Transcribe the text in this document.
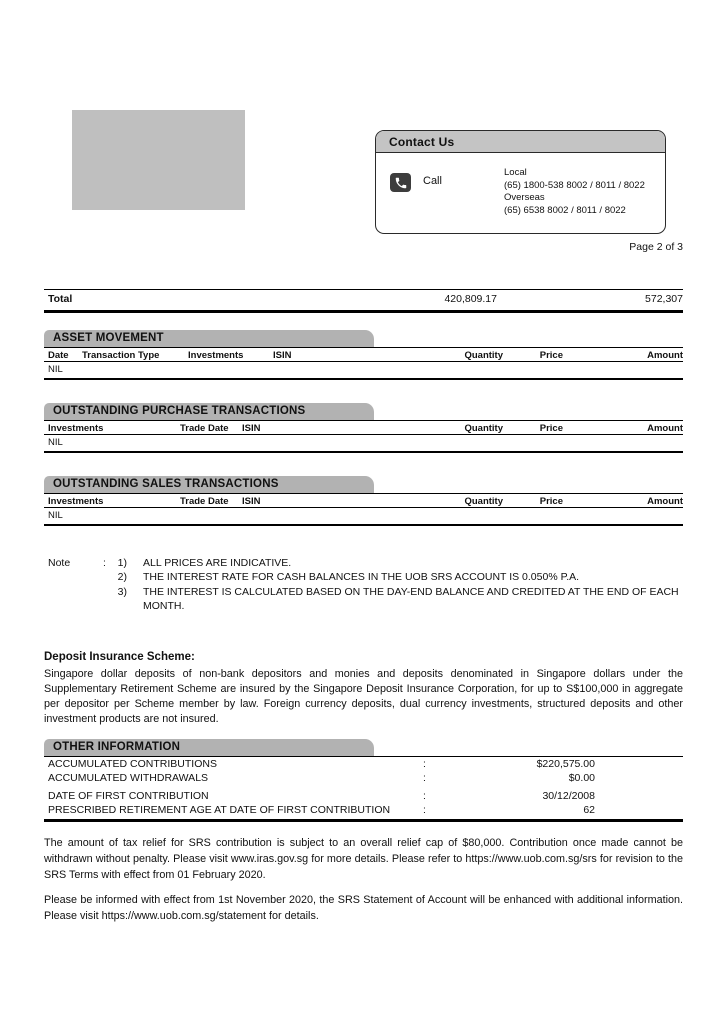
Contact Us
Call
Local
(65) 1800-538 8002 / 8011 / 8022
Overseas
(65) 6538 8002 / 8011 / 8022
Page 2 of 3
Total	420,809.17	572,307
ASSET MOVEMENT
Date Transaction Type	Investments	ISIN	Quantity	Price	Amount
NIL
OUTSTANDING PURCHASE TRANSACTIONS
Investments	Trade Date ISIN	Quantity	Price	Amount
NIL
OUTSTANDING SALES TRANSACTIONS
Investments	Trade Date ISIN	Quantity	Price	Amount
NIL
Note	:	1) ALL PRICES ARE INDICATIVE.
2) THE INTEREST RATE FOR CASH BALANCES IN THE UOB SRS ACCOUNT IS 0.050% P.A.
3) THE INTEREST IS CALCULATED BASED ON THE DAY-END BALANCE AND CREDITED AT THE END OF EACH MONTH.
Deposit Insurance Scheme:
Singapore dollar deposits of non-bank depositors and monies and deposits denominated in Singapore dollars under the Supplementary Retirement Scheme are insured by the Singapore Deposit Insurance Corporation, for up to S$100,000 in aggregate per depositor per Scheme member by law. Foreign currency deposits, dual currency investments, structured deposits and other investment products are not insured.
OTHER INFORMATION
ACCUMULATED CONTRIBUTIONS	:	$220,575.00
ACCUMULATED WITHDRAWALS	:	$0.00
DATE OF FIRST CONTRIBUTION	:	30/12/2008
PRESCRIBED RETIREMENT AGE AT DATE OF FIRST CONTRIBUTION	:	62
The amount of tax relief for SRS contribution is subject to an overall relief cap of $80,000. Contribution once made cannot be withdrawn without penalty. Please visit www.iras.gov.sg for more details. Please refer to https://www.uob.com.sg/srs for revision to the SRS Terms with effect from 01 February 2020.
Please be informed with effect from 1st November 2020, the SRS Statement of Account will be enhanced with additional information. Please visit https://www.uob.com.sg/statement for details.
